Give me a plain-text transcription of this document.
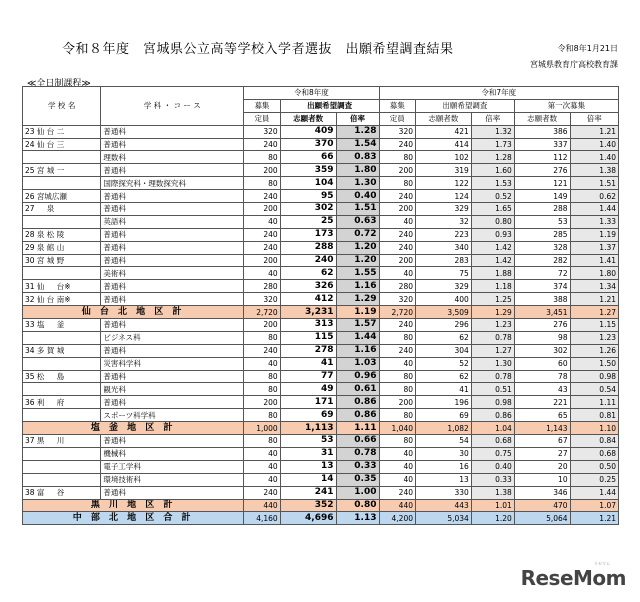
令和８年度　宮城県公立高等学校入学者選抜　出願希望調査結果	令和8年1月21日
宮城県教育庁高校教育課
≪全日制課程≫
学 校 名	学 科 ・ コ ー ス	令和8年度			令和7年度				
		募集	出願希望調査		募集	出願希望調査		第一次募集	
		定員	志願者数	倍率	定員	志願者数	倍率	志願者数	倍率
23 仙 台 二	普通科	320	409	1.28	320	421	1.32	386	1.21
24 仙 台 三	普通科	240	370	1.54	240	414	1.73	337	1.40
	理数科	80	66	0.83	80	102	1.28	112	1.40
25 宮 城 一	普通科	200	359	1.80	200	319	1.60	276	1.38
	国際探究科・理数探究科	80	104	1.30	80	122	1.53	121	1.51
26 宮城広瀬	普通科	240	95	0.40	240	124	0.52	149	0.62
27 　 泉	普通科	200	302	1.51	200	329	1.65	288	1.44
	英語科	40	25	0.63	40	32	0.80	53	1.33
28 泉 松 陵	普通科	240	173	0.72	240	223	0.93	285	1.19
29 泉 館 山	普通科	240	288	1.20	240	340	1.42	328	1.37
30 宮 城 野	普通科	200	240	1.20	200	283	1.42	282	1.41
	美術科	40	62	1.55	40	75	1.88	72	1.80
31 仙 　 台※	普通科	280	326	1.16	280	329	1.18	374	1.34
32 仙 台 南※	普通科	320	412	1.29	320	400	1.25	388	1.21
仙 台 北 地 区 計		2,720	3,231	1.19	2,720	3,509	1.29	3,451	1.27
33 塩 　 釜	普通科	200	313	1.57	240	296	1.23	276	1.15
	ビジネス科	80	115	1.44	80	62	0.78	98	1.23
34 多 賀 城	普通科	240	278	1.16	240	304	1.27	302	1.26
	災害科学科	40	41	1.03	40	52	1.30	60	1.50
35 松 　 島	普通科	80	77	0.96	80	62	0.78	78	0.98
	観光科	80	49	0.61	80	41	0.51	43	0.54
36 利 　 府	普通科	200	171	0.86	200	196	0.98	221	1.11
	スポーツ科学科	80	69	0.86	80	69	0.86	65	0.81
塩 釜 地 区 計		1,000	1,113	1.11	1,040	1,082	1.04	1,143	1.10
37 黒 　 川	普通科	80	53	0.66	80	54	0.68	67	0.84
	機械科	40	31	0.78	40	30	0.75	27	0.68
	電子工学科	40	13	0.33	40	16	0.40	20	0.50
	環境技術科	40	14	0.35	40	13	0.33	10	0.25
38 富 　 谷	普通科	240	241	1.00	240	330	1.38	346	1.44
黒 川 地 区 計		440	352	0.80	440	443	1.01	470	1.07
中 部 北 地 区 合 計		4,160	4,696	1.13	4,200	5,034	1.20	5,064	1.21
リセマム
ReseMom
